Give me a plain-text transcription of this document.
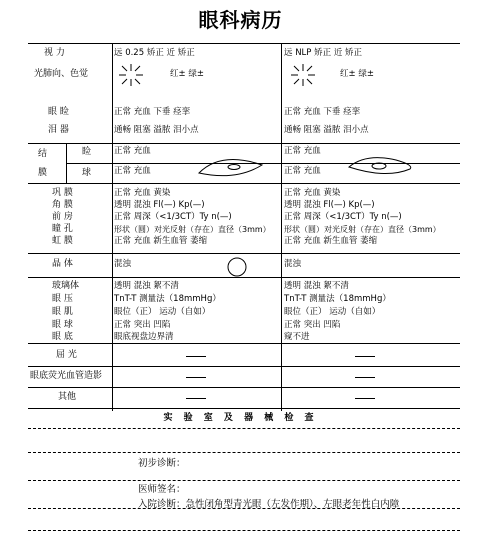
眼科病历
视 力
光肺向、色觉
眼 睑
泪 器
结
膜
睑
球
巩 膜
角 膜
前 房
瞳 孔
虹 膜
晶 体
玻璃体
眼 压
眼 肌
眼 球
眼 底
屈 光
眼底荧光血管造影
其他
远 0.25 矫正 近 矫正
红± 绿±
正常 充血 下垂 痉挛
通畅 阻塞 溢脓 泪小点
正常 充血
正常 充血
正常 充血 黄染
透明 混浊 Fl(—) Kp(—)
正常 周深（<1/3CT）Ty n(—)
形状（圆）对光反射（存在）直径（3mm）
正常 充血 新生血管 萎缩
混浊
透明 混浊 絮不清
TnT-T 测量法（18mmHg）
眼位（正） 运动（自如）
正常 突出 凹陷
眼底视盘边界清
远 NLP 矫正 近 矫正
红± 绿±
正常 充血 下垂 痉挛
通畅 阻塞 溢脓 泪小点
正常 充血
正常 充血
正常 充血 黄染
透明 混浊 Fl(—) Kp(—)
正常 周深（<1/3CT）Ty n(—)
形状（圆）对光反射（存在）直径（3mm）
正常 充血 新生血管 萎缩
混浊
透明 混浊 絮不清
TnT-T 测量法（18mmHg）
眼位（正） 运动（自如）
正常 突出 凹陷
窥不进
实 验 室 及 器 械 检 查
初步诊断：
医师签名：
入院诊断：急性闭角型青光眼（左发作期）、左眼老年性白内障
